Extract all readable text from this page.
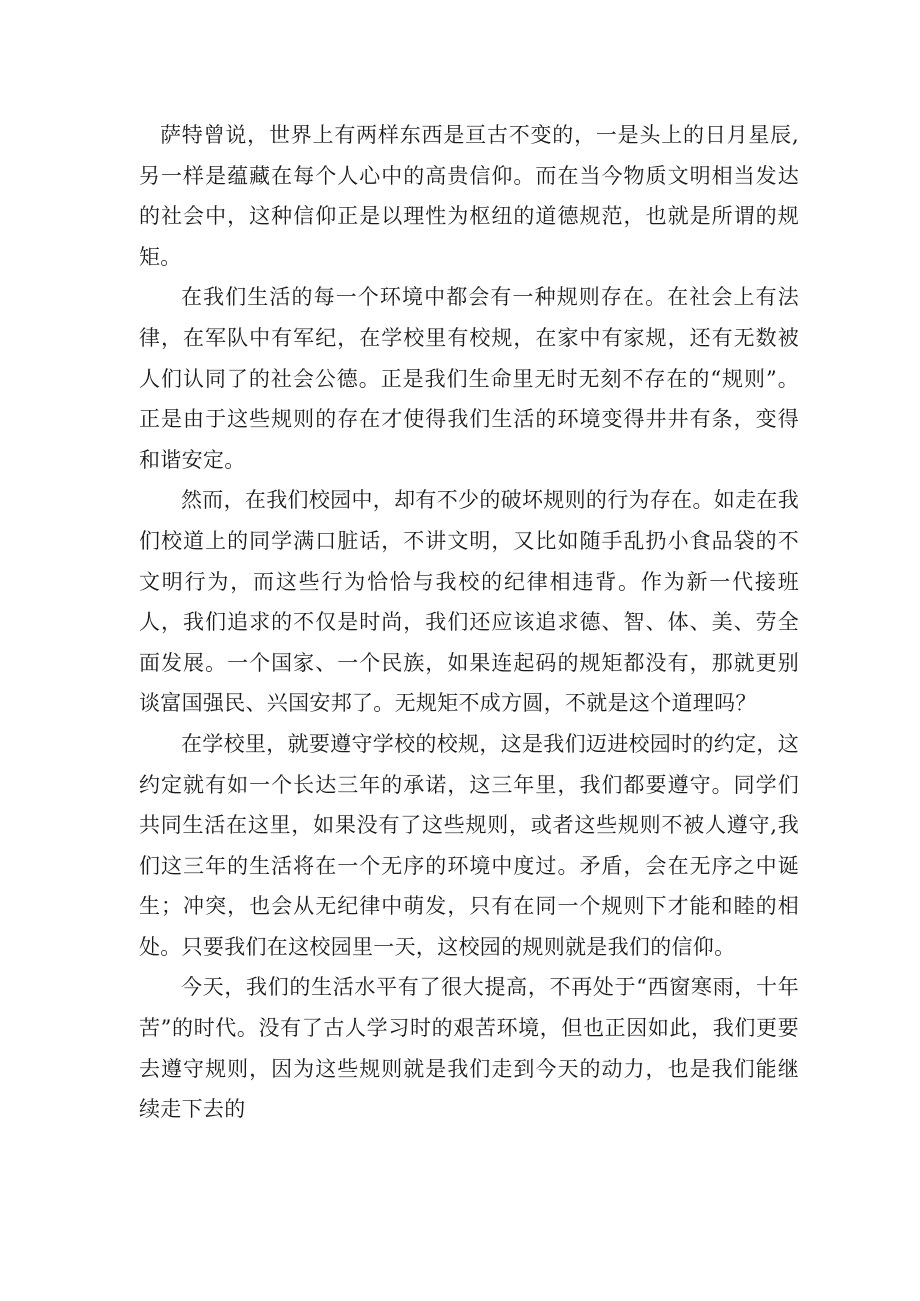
萨特曾说，世界上有两样东西是亘古不变的，一是头上的日月星辰,另一样是蕴藏在每个人心中的高贵信仰。而在当今物质文明相当发达的社会中，这种信仰正是以理性为枢纽的道德规范，也就是所谓的规矩。

在我们生活的每一个环境中都会有一种规则存在。在社会上有法律，在军队中有军纪，在学校里有校规，在家中有家规，还有无数被人们认同了的社会公德。正是我们生命里无时无刻不存在的“规则”。正是由于这些规则的存在才使得我们生活的环境变得井井有条，变得和谐安定。

然而，在我们校园中，却有不少的破坏规则的行为存在。如走在我们校道上的同学满口脏话，不讲文明，又比如随手乱扔小食品袋的不文明行为，而这些行为恰恰与我校的纪律相违背。作为新一代接班人，我们追求的不仅是时尚，我们还应该追求德、智、体、美、劳全面发展。一个国家、一个民族，如果连起码的规矩都没有，那就更别谈富国强民、兴国安邦了。无规矩不成方圆，不就是这个道理吗？

在学校里，就要遵守学校的校规，这是我们迈进校园时的约定，这约定就有如一个长达三年的承诺，这三年里，我们都要遵守。同学们共同生活在这里，如果没有了这些规则，或者这些规则不被人遵守,我们这三年的生活将在一个无序的环境中度过。矛盾，会在无序之中诞生；冲突，也会从无纪律中萌发，只有在同一个规则下才能和睦的相处。只要我们在这校园里一天，这校园的规则就是我们的信仰。

今天，我们的生活水平有了很大提高，不再处于“西窗寒雨，十年苦”的时代。没有了古人学习时的艰苦环境，但也正因如此，我们更要去遵守规则，因为这些规则就是我们走到今天的动力，也是我们能继续走下去的
